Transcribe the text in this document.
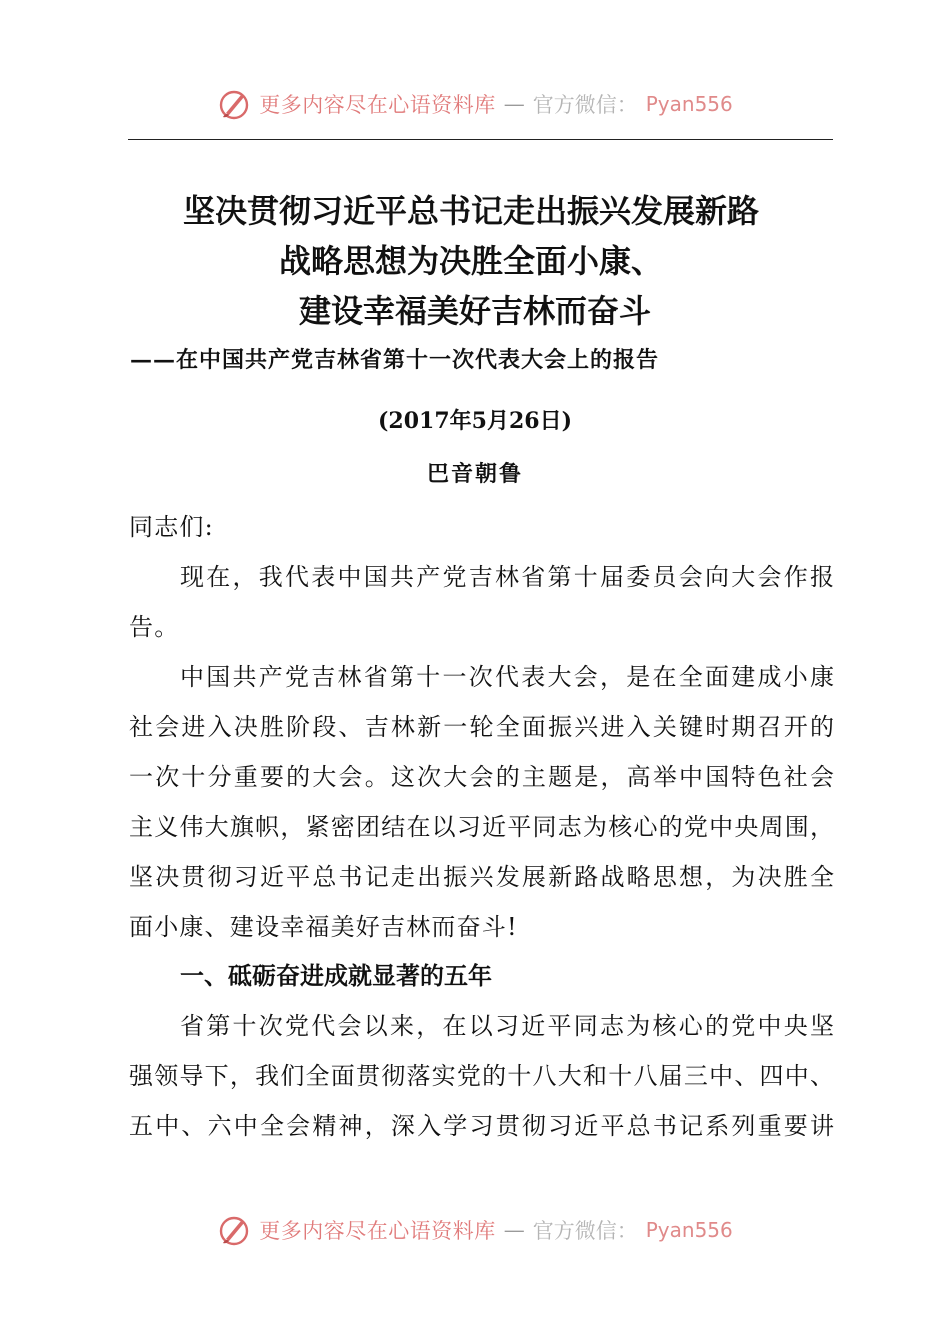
更多内容尽在心语资料库 — 官方微信： Pyan556
坚决贯彻习近平总书记走出振兴发展新路
战略思想为决胜全面小康、
建设幸福美好吉林而奋斗
——在中国共产党吉林省第十一次代表大会上的报告
(2017年5月26日)
巴音朝鲁
同志们:
现在，我代表中国共产党吉林省第十届委员会向大会作报
告。
中国共产党吉林省第十一次代表大会，是在全面建成小康
社会进入决胜阶段、吉林新一轮全面振兴进入关键时期召开的
一次十分重要的大会。这次大会的主题是，高举中国特色社会
主义伟大旗帜，紧密团结在以习近平同志为核心的党中央周围，
坚决贯彻习近平总书记走出振兴发展新路战略思想，为决胜全
面小康、建设幸福美好吉林而奋斗!
一、砥砺奋进成就显著的五年
省第十次党代会以来，在以习近平同志为核心的党中央坚
强领导下，我们全面贯彻落实党的十八大和十八届三中、四中、
五中、六中全会精神，深入学习贯彻习近平总书记系列重要讲
更多内容尽在心语资料库 — 官方微信： Pyan556
